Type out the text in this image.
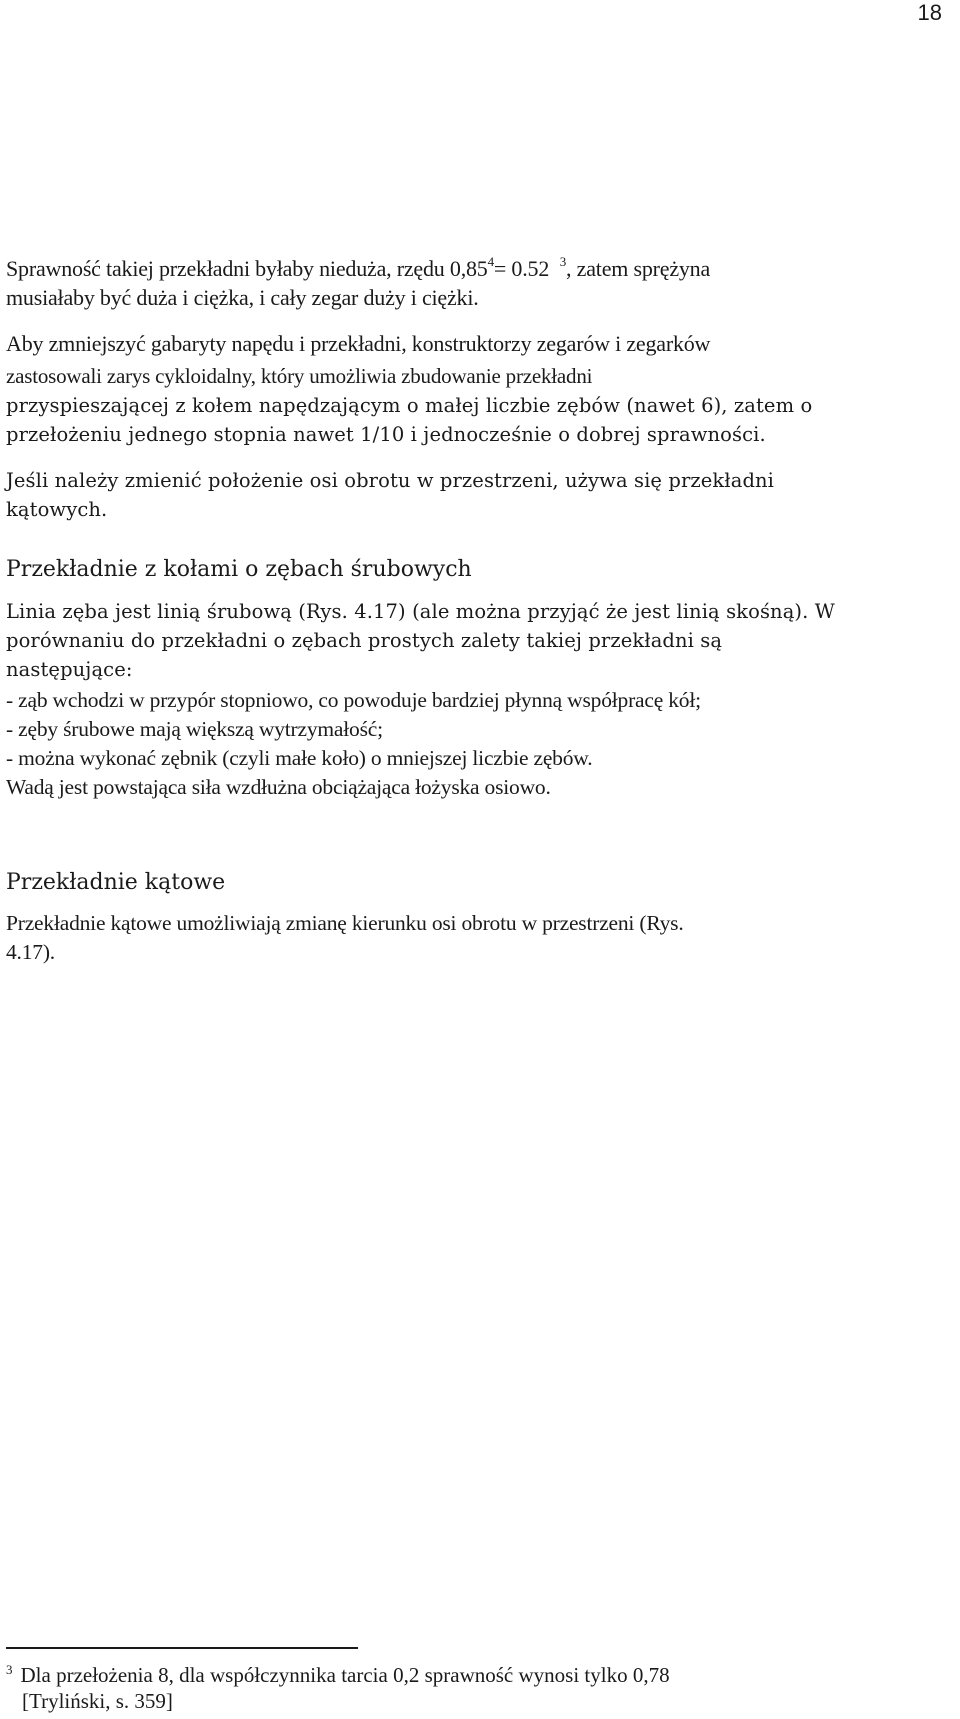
18

Sprawność takiej przekładni byłaby nieduża, rzędu $0,85^4= 0.52$ $^3$, zatem sprężyna
musiałaby być duża i ciężka, i cały zegar duży i ciężki.

Aby zmniejszyć gabaryty napędu i przekładni, konstruktorzy zegarów i zegarków

zastosowali zarys cykloidalny, który umożliwia zbudowanie przekładni

przyspieszającej z kołem napędzającym o małej liczbie zębów (nawet 6), zatem o
przełożeniu jednego stopnia nawet 1/10 i jednocześnie o dobrej sprawności.

Jeśli należy zmienić położenie osi obrotu w przestrzeni, używa się przekładni
kątowych.

Przekładnie z kołami o zębach śrubowych

Linia zęba jest linią śrubową (Rys. 4.17) (ale można przyjąć że jest linią skośną). W
porównaniu do przekładni o zębach prostych zalety takiej przekładni są
następujące:

- ząb wchodzi w przypór stopniowo, co powoduje bardziej płynną współpracę kół;
- zęby śrubowe mają większą wytrzymałość;
- można wykonać zębnik (czyli małe koło) o mniejszej liczbie zębów.
Wadą jest powstająca siła wzdłużna obciążająca łożyska osiowo.

Przekładnie kątowe

Przekładnie kątowe umożliwiają zmianę kierunku osi obrotu w przestrzeni (Rys.
4.17).

$^3$ Dla przełożenia 8, dla współczynnika tarcia 0,2 sprawność wynosi tylko 0,78
[Tryliński, s. 359]
